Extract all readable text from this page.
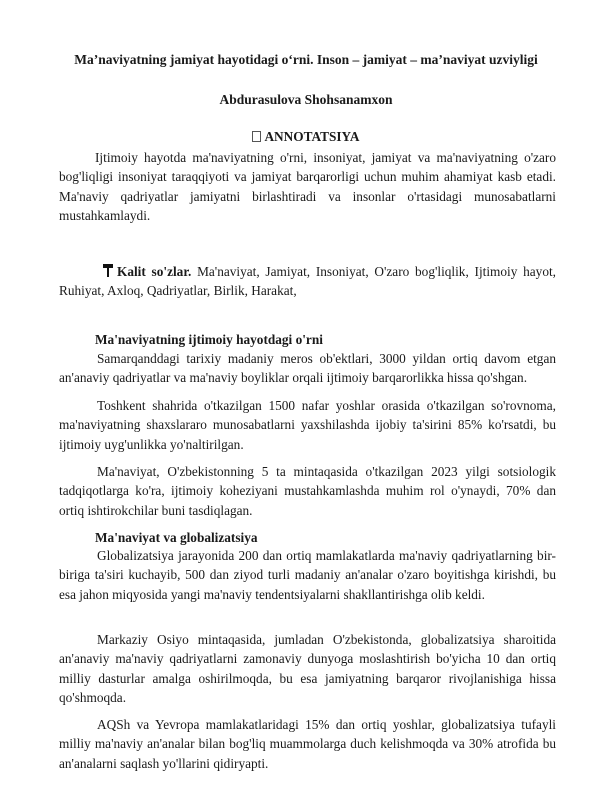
Ma’naviyatning jamiyat hayotidagi o‘rni. Inson – jamiyat – ma’naviyat uzviyligi
Abdurasulova Shohsanamxon
ANNOTATSIYA

Ijtimoiy hayotda ma'naviyatning o'rni, insoniyat, jamiyat va ma'naviyatning o'zaro bog'liqligi insoniyat taraqqiyoti va jamiyat barqarorligi uchun muhim ahamiyat kasb etadi. Ma'naviy qadriyatlar jamiyatni birlashtiradi va insonlar o'rtasidagi munosabatlarni mustahkamlaydi.

Kalit so'zlar. Ma'naviyat, Jamiyat, Insoniyat, O'zaro bog'liqlik, Ijtimoiy hayot, Ruhiyat, Axloq, Qadriyatlar, Birlik, Harakat,

Ma'naviyatning ijtimoiy hayotdagi o'rni

Samarqanddagi tarixiy madaniy meros ob'ektlari, 3000 yildan ortiq davom etgan an'anaviy qadriyatlar va ma'naviy boyliklar orqali ijtimoiy barqarorlikka hissa qo'shgan.

Toshkent shahrida o'tkazilgan 1500 nafar yoshlar orasida o'tkazilgan so'rovnoma, ma'naviyatning shaxslararo munosabatlarni yaxshilashda ijobiy ta'sirini 85% ko'rsatdi, bu ijtimoiy uyg'unlikka yo'naltirilgan.

Ma'naviyat, O'zbekistonning 5 ta mintaqasida o'tkazilgan 2023 yilgi sotsiologik tadqiqotlarga ko'ra, ijtimoiy koheziyani mustahkamlashda muhim rol o'ynaydi, 70% dan ortiq ishtirokchilar buni tasdiqlagan.

Ma'naviyat va globalizatsiya

Globalizatsiya jarayonida 200 dan ortiq mamlakatlarda ma'naviy qadriyatlarning bir-biriga ta'siri kuchayib, 500 dan ziyod turli madaniy an'analar o'zaro boyitishga kirishdi, bu esa jahon miqyosida yangi ma'naviy tendentsiyalarni shakllantirishga olib keldi.

Markaziy Osiyo mintaqasida, jumladan O'zbekistonda, globalizatsiya sharoitida an'anaviy ma'naviy qadriyatlarni zamonaviy dunyoga moslashtirish bo'yicha 10 dan ortiq milliy dasturlar amalga oshirilmoqda, bu esa jamiyatning barqaror rivojlanishiga hissa qo'shmoqda.

AQSh va Yevropa mamlakatlaridagi 15% dan ortiq yoshlar, globalizatsiya tufayli milliy ma'naviy an'analar bilan bog'liq muammolarga duch kelishmoqda va 30% atrofida bu an'analarni saqlash yo'llarini qidiryapti.
